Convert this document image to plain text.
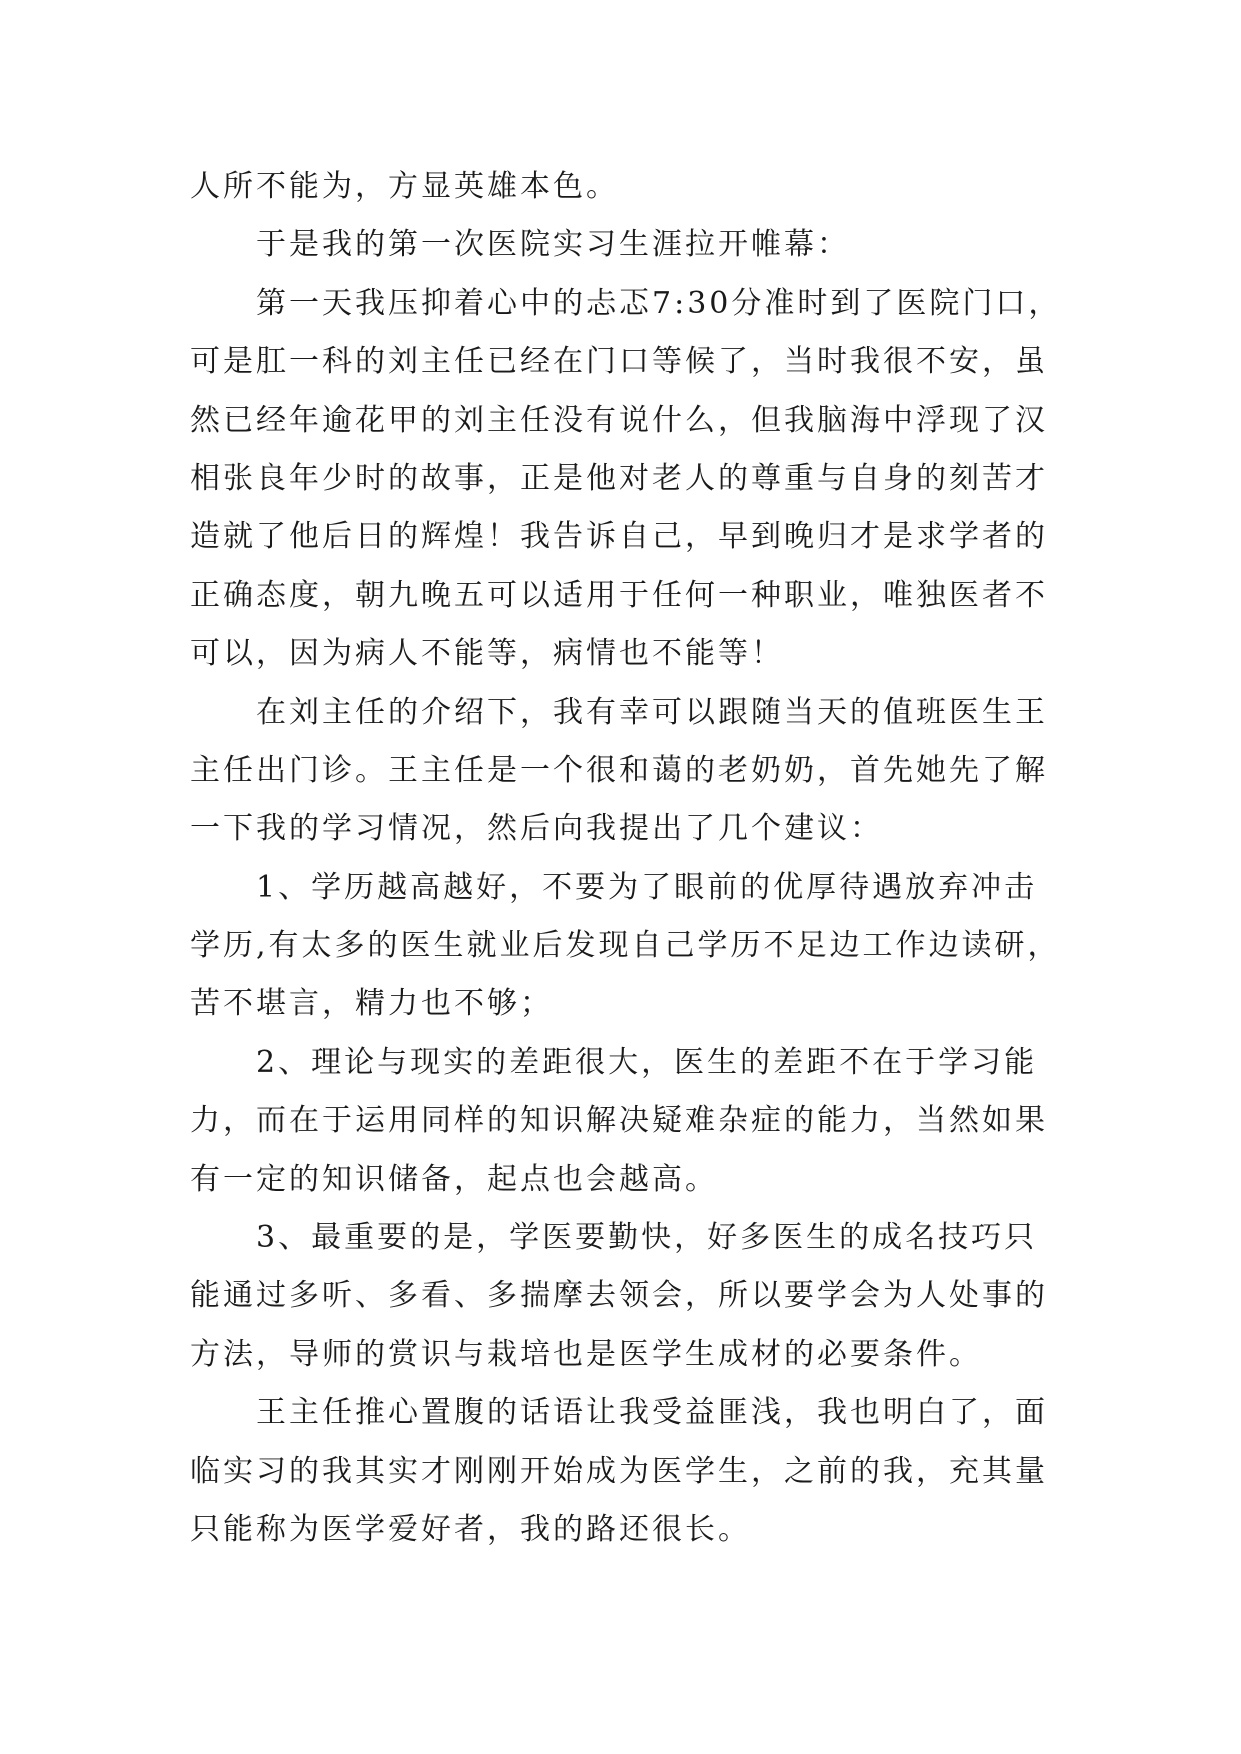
人所不能为，方显英雄本色。
于是我的第一次医院实习生涯拉开帷幕：
第一天我压抑着心中的忐忑7:30分准时到了医院门口，
可是肛一科的刘主任已经在门口等候了，当时我很不安，虽
然已经年逾花甲的刘主任没有说什么，但我脑海中浮现了汉
相张良年少时的故事，正是他对老人的尊重与自身的刻苦才
造就了他后日的辉煌！我告诉自己，早到晚归才是求学者的
正确态度，朝九晚五可以适用于任何一种职业，唯独医者不
可以，因为病人不能等，病情也不能等！
在刘主任的介绍下，我有幸可以跟随当天的值班医生王
主任出门诊。王主任是一个很和蔼的老奶奶，首先她先了解
一下我的学习情况，然后向我提出了几个建议：
1、学历越高越好，不要为了眼前的优厚待遇放弃冲击
学历,有太多的医生就业后发现自己学历不足边工作边读研，
苦不堪言，精力也不够；
2、理论与现实的差距很大，医生的差距不在于学习能
力，而在于运用同样的知识解决疑难杂症的能力，当然如果
有一定的知识储备，起点也会越高。
3、最重要的是，学医要勤快，好多医生的成名技巧只
能通过多听、多看、多揣摩去领会，所以要学会为人处事的
方法，导师的赏识与栽培也是医学生成材的必要条件。
王主任推心置腹的话语让我受益匪浅，我也明白了，面
临实习的我其实才刚刚开始成为医学生，之前的我，充其量
只能称为医学爱好者，我的路还很长。
